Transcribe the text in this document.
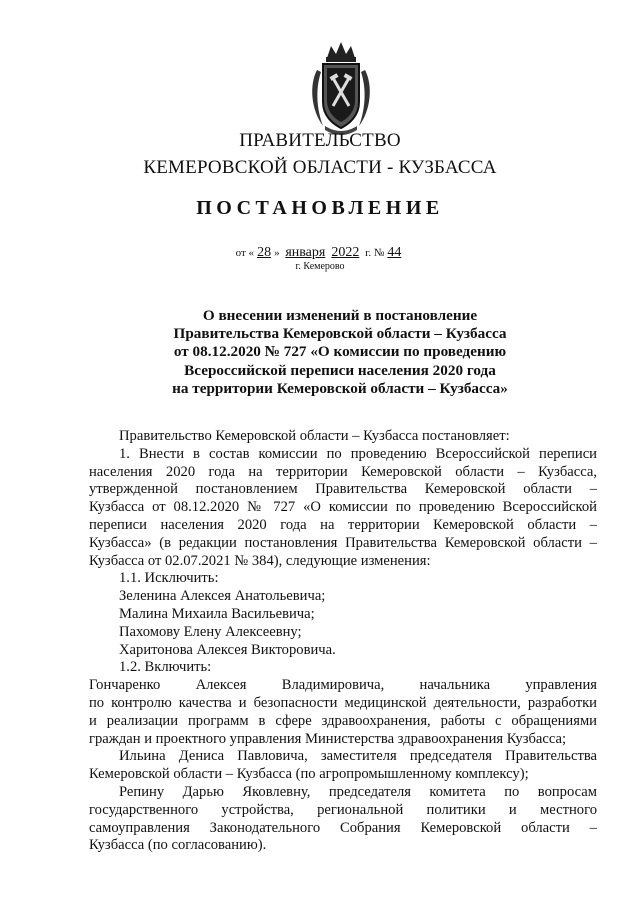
ПРАВИТЕЛЬСТВО
КЕМЕРОВСКОЙ ОБЛАСТИ - КУЗБАССА
ПОСТАНОВЛЕНИЕ
от « 28 » января 2022 г. № 44
г. Кемерово
О внесении изменений в постановление
Правительства Кемеровской области – Кузбасса
от 08.12.2020 № 727 «О комиссии по проведению
Всероссийской переписи населения 2020 года
на территории Кемеровской области – Кузбасса»
Правительство Кемеровской области – Кузбасса постановляет:
1. Внести в состав комиссии по проведению Всероссийской переписи
населения 2020 года на территории Кемеровской области – Кузбасса,
утвержденной постановлением Правительства Кемеровской области –
Кузбасса от 08.12.2020 № 727 «О комиссии по проведению Всероссийской
переписи населения 2020 года на территории Кемеровской области –
Кузбасса» (в редакции постановления Правительства Кемеровской области –
Кузбасса от 02.07.2021 № 384), следующие изменения:
1.1. Исключить:
Зеленина Алексея Анатольевича;
Малина Михаила Васильевича;
Пахомову Елену Алексеевну;
Харитонова Алексея Викторовича.
1.2. Включить:
Гончаренко Алексея Владимировича, начальника управления
по контролю качества и безопасности медицинской деятельности, разработки
и реализации программ в сфере здравоохранения, работы с обращениями
граждан и проектного управления Министерства здравоохранения Кузбасса;
Ильина Дениса Павловича, заместителя председателя Правительства
Кемеровской области – Кузбасса (по агропромышленному комплексу);
Репину Дарью Яковлевну, председателя комитета по вопросам
государственного устройства, региональной политики и местного
самоуправления Законодательного Собрания Кемеровской области –
Кузбасса (по согласованию).
